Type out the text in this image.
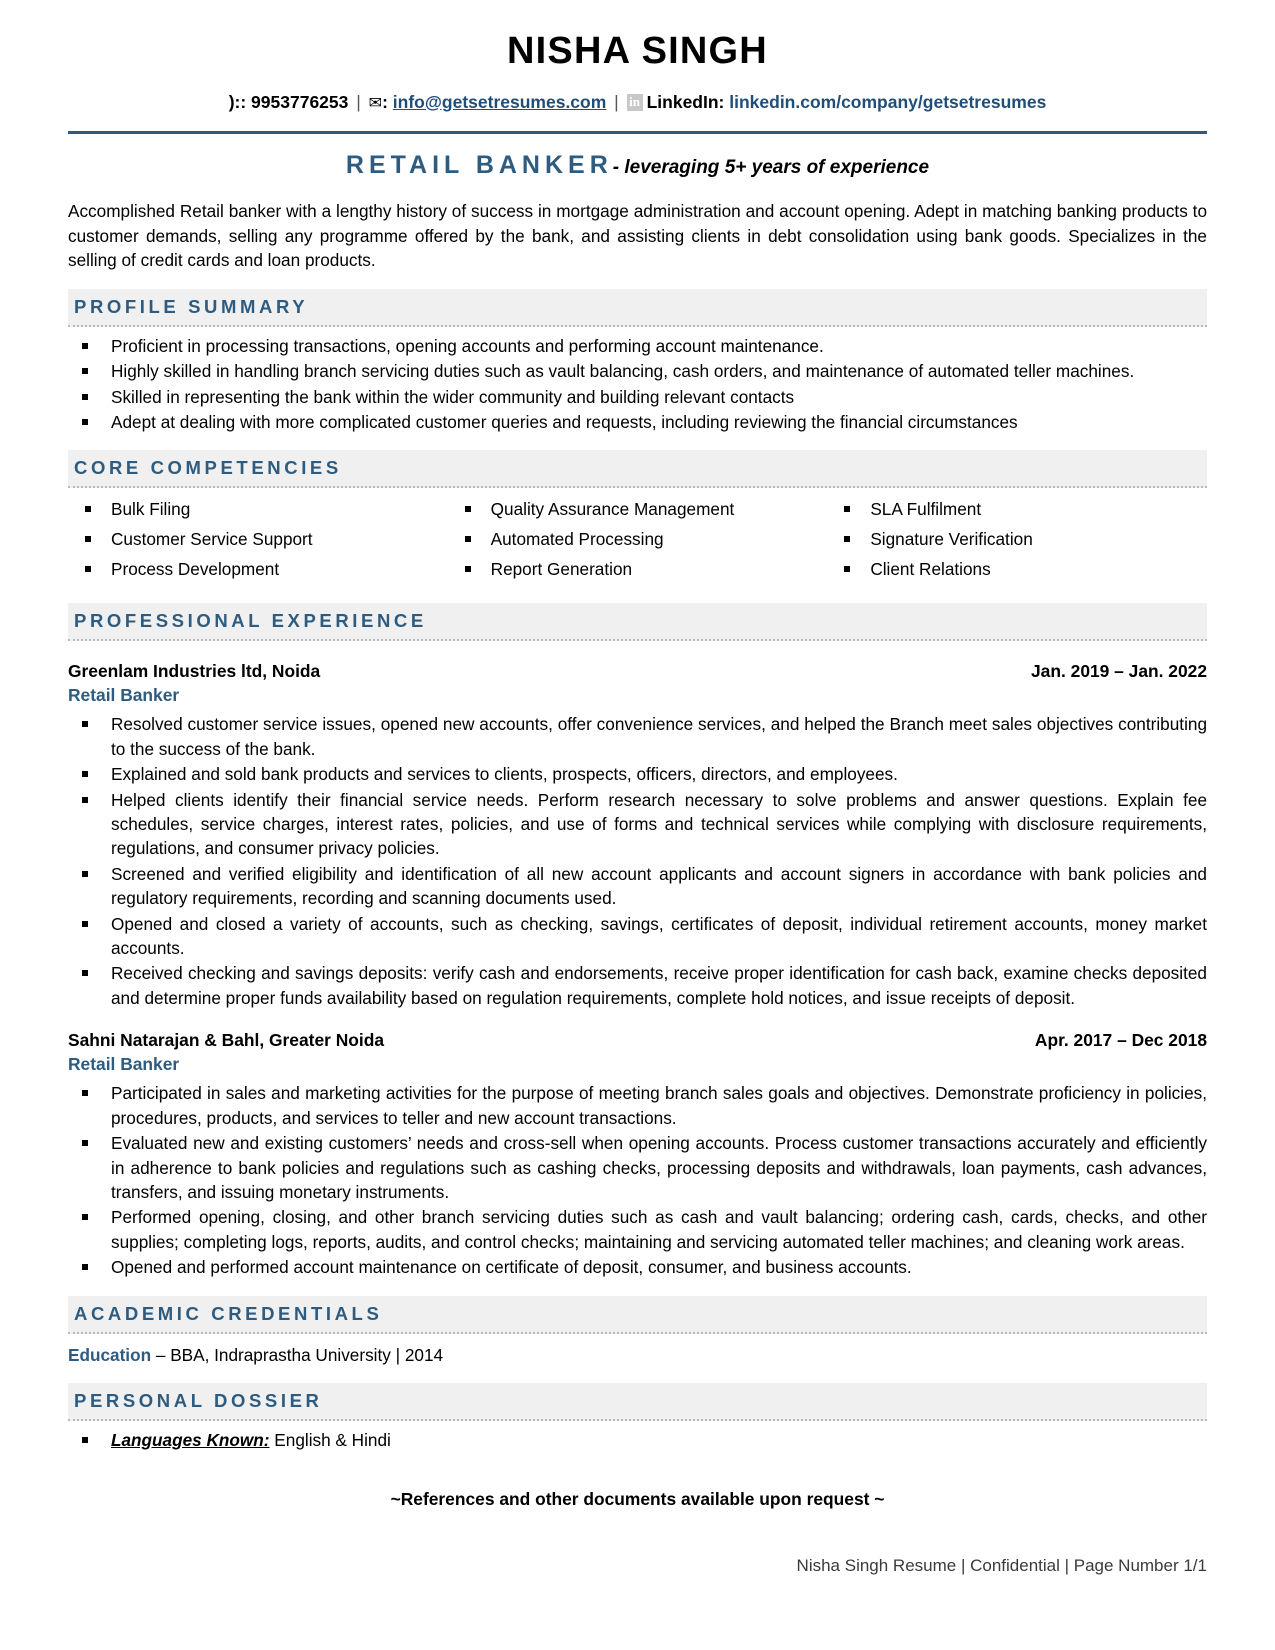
NISHA SINGH
):: 9953776253 | ✉: info@getsetresumes.com | in LinkedIn: linkedin.com/company/getsetresumes
RETAIL BANKER- leveraging 5+ years of experience
Accomplished Retail banker with a lengthy history of success in mortgage administration and account opening. Adept in matching banking products to customer demands, selling any programme offered by the bank, and assisting clients in debt consolidation using bank goods. Specializes in the selling of credit cards and loan products.
PROFILE SUMMARY
Proficient in processing transactions, opening accounts and performing account maintenance.
Highly skilled in handling branch servicing duties such as vault balancing, cash orders, and maintenance of automated teller machines.
Skilled in representing the bank within the wider community and building relevant contacts
Adept at dealing with more complicated customer queries and requests, including reviewing the financial circumstances
CORE COMPETENCIES
Bulk Filing	Quality Assurance Management	SLA Fulfilment
Customer Service Support	Automated Processing	Signature Verification
Process Development	Report Generation	Client Relations
PROFESSIONAL EXPERIENCE
Greenlam Industries ltd, Noida	Jan. 2019 – Jan. 2022
Retail Banker
Resolved customer service issues, opened new accounts, offer convenience services, and helped the Branch meet sales objectives contributing to the success of the bank.
Explained and sold bank products and services to clients, prospects, officers, directors, and employees.
Helped clients identify their financial service needs. Perform research necessary to solve problems and answer questions. Explain fee schedules, service charges, interest rates, policies, and use of forms and technical services while complying with disclosure requirements, regulations, and consumer privacy policies.
Screened and verified eligibility and identification of all new account applicants and account signers in accordance with bank policies and regulatory requirements, recording and scanning documents used.
Opened and closed a variety of accounts, such as checking, savings, certificates of deposit, individual retirement accounts, money market accounts.
Received checking and savings deposits: verify cash and endorsements, receive proper identification for cash back, examine checks deposited and determine proper funds availability based on regulation requirements, complete hold notices, and issue receipts of deposit.
Sahni Natarajan & Bahl, Greater Noida	Apr. 2017 – Dec 2018
Retail Banker
Participated in sales and marketing activities for the purpose of meeting branch sales goals and objectives. Demonstrate proficiency in policies, procedures, products, and services to teller and new account transactions.
Evaluated new and existing customers’ needs and cross-sell when opening accounts. Process customer transactions accurately and efficiently in adherence to bank policies and regulations such as cashing checks, processing deposits and withdrawals, loan payments, cash advances, transfers, and issuing monetary instruments.
Performed opening, closing, and other branch servicing duties such as cash and vault balancing; ordering cash, cards, checks, and other supplies; completing logs, reports, audits, and control checks; maintaining and servicing automated teller machines; and cleaning work areas.
Opened and performed account maintenance on certificate of deposit, consumer, and business accounts.
ACADEMIC CREDENTIALS
Education – BBA, Indraprastha University | 2014
PERSONAL DOSSIER
Languages Known: English & Hindi
~References and other documents available upon request ~
Nisha Singh Resume | Confidential | Page Number 1/1
